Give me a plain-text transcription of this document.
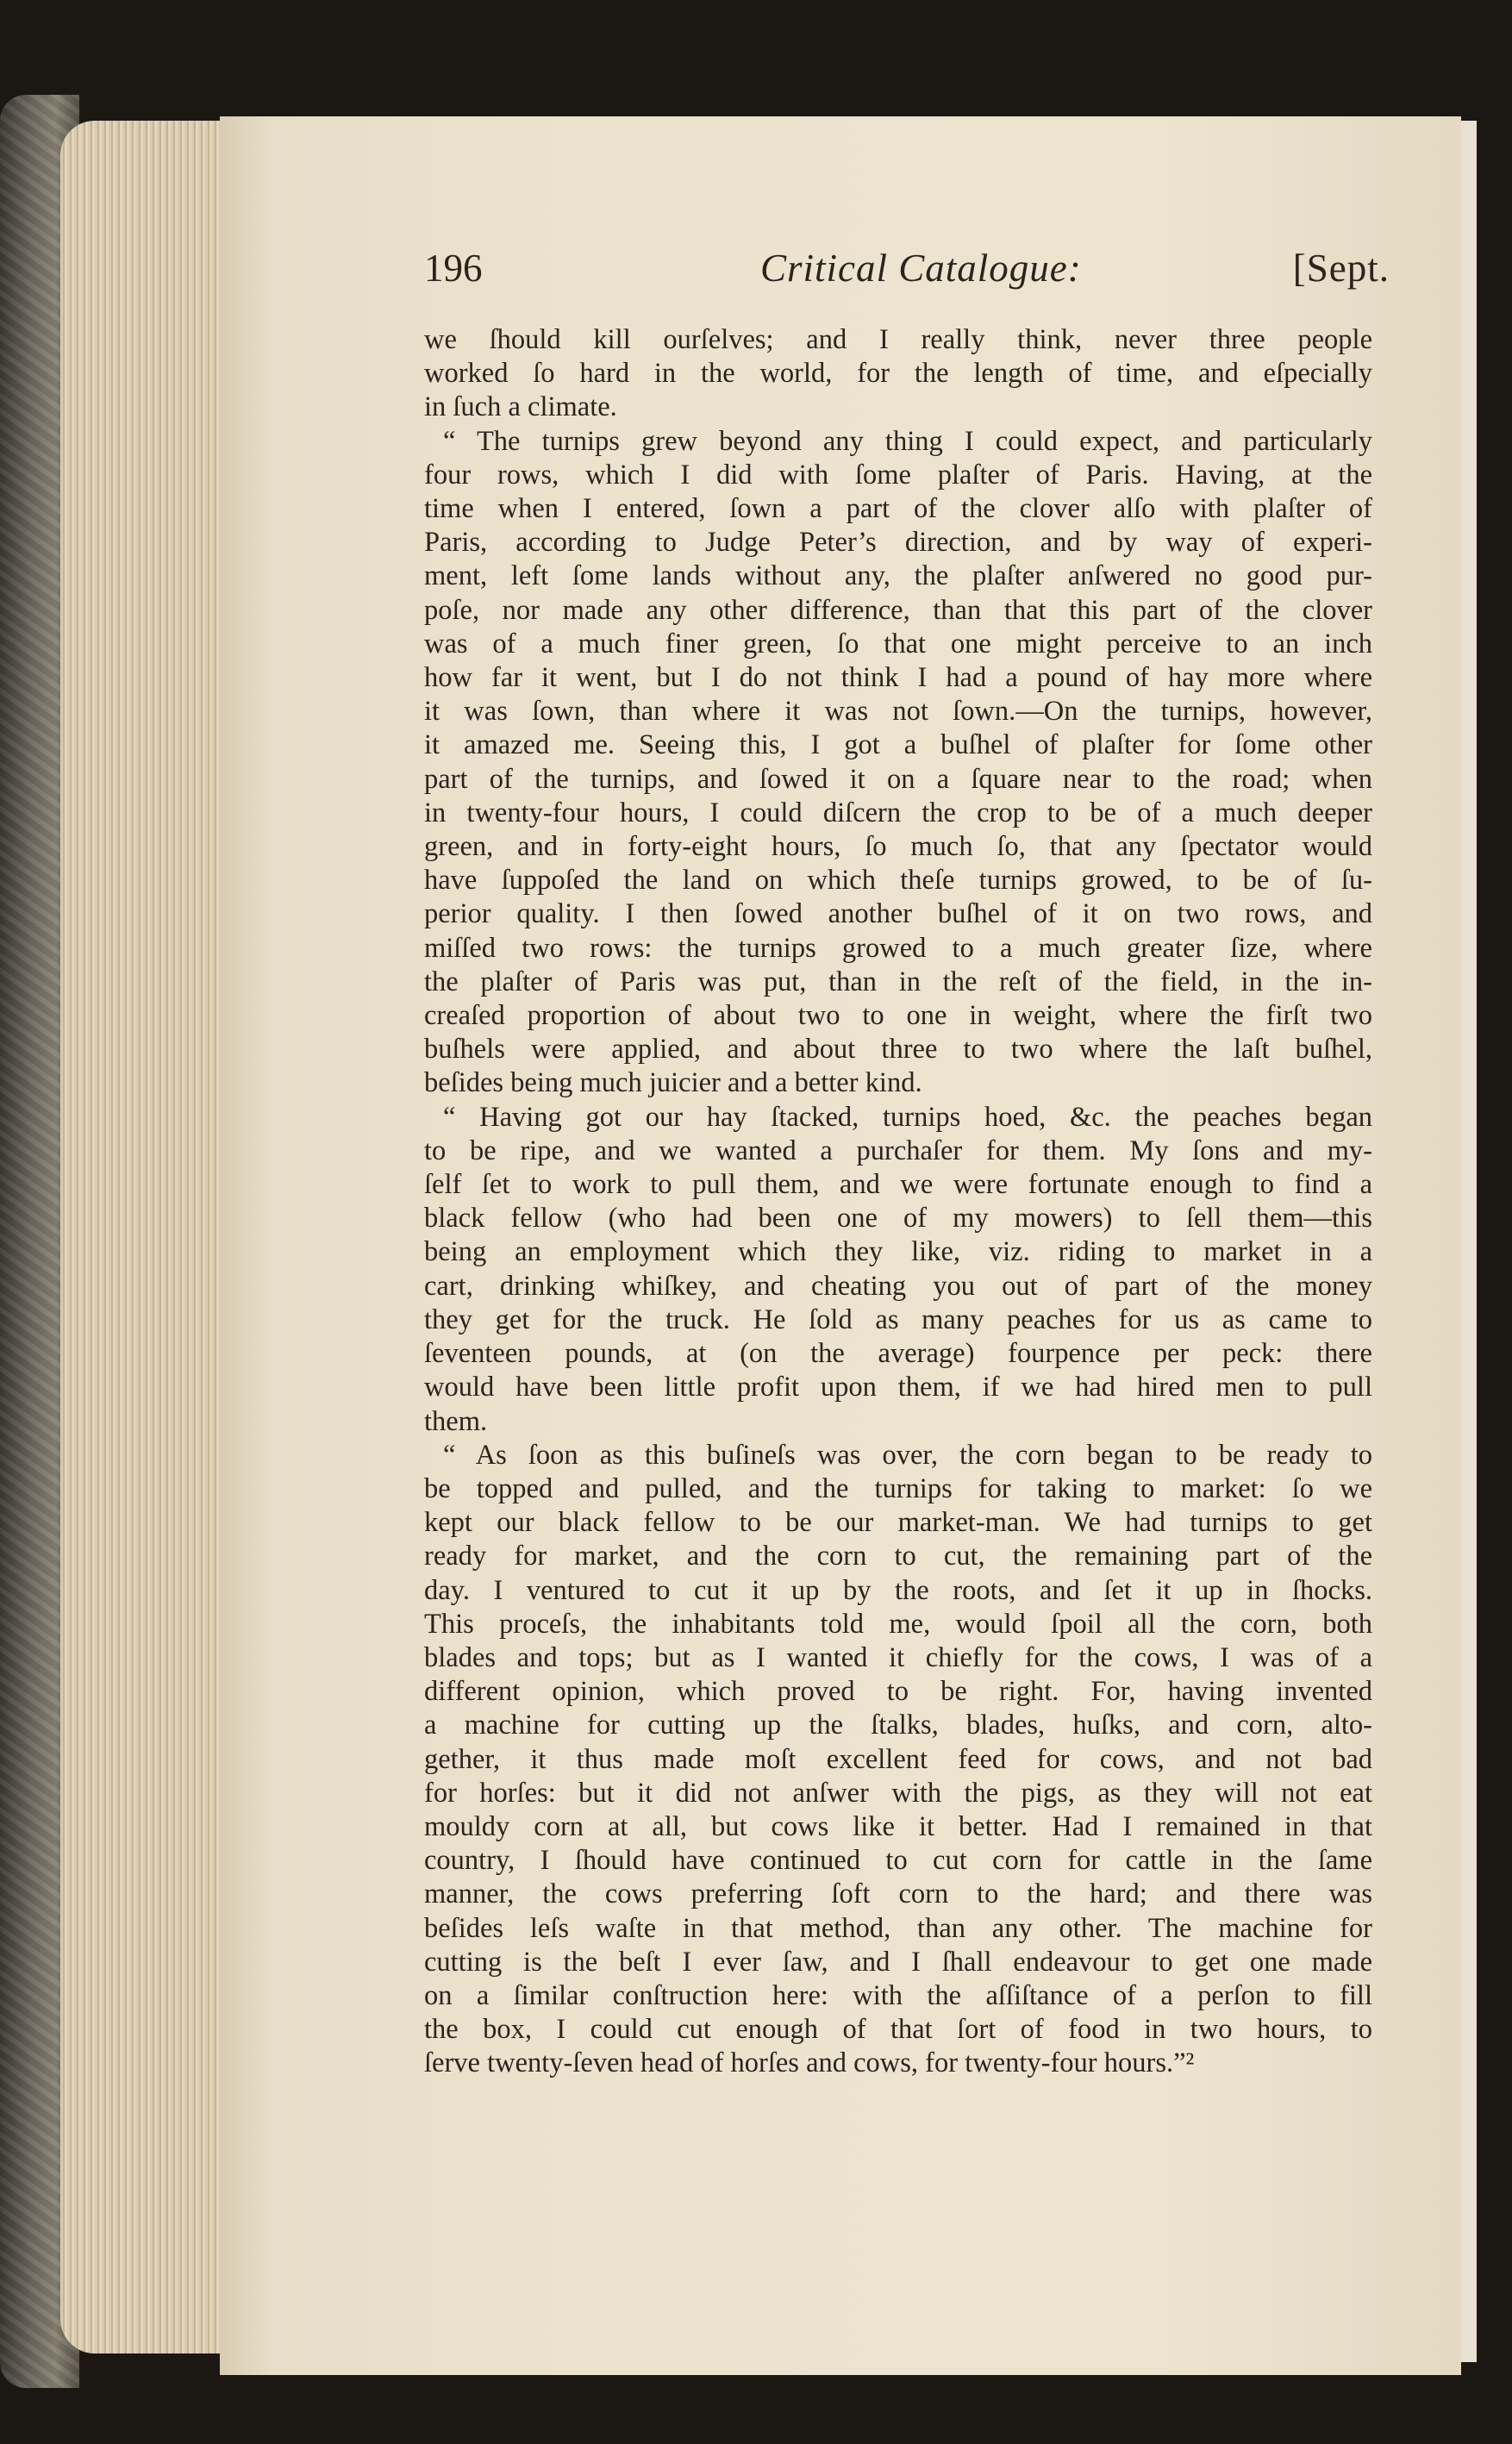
196	Critical Catalogue:	[Sept.
we ſhould kill ourſelves; and I really think, never three people
worked ſo hard in the world, for the length of time, and eſpecially
in ſuch a climate.
“ The turnips grew beyond any thing I could expect, and particularly
four rows, which I did with ſome plaſter of Paris. Having, at the
time when I entered, ſown a part of the clover alſo with plaſter of
Paris, according to Judge Peter’s direction, and by way of experi-
ment, left ſome lands without any, the plaſter anſwered no good pur-
poſe, nor made any other difference, than that this part of the clover
was of a much finer green, ſo that one might perceive to an inch
how far it went, but I do not think I had a pound of hay more where
it was ſown, than where it was not ſown.—On the turnips, however,
it amazed me. Seeing this, I got a buſhel of plaſter for ſome other
part of the turnips, and ſowed it on a ſquare near to the road; when
in twenty-four hours, I could diſcern the crop to be of a much deeper
green, and in forty-eight hours, ſo much ſo, that any ſpectator would
have ſuppoſed the land on which theſe turnips growed, to be of ſu-
perior quality. I then ſowed another buſhel of it on two rows, and
miſſed two rows: the turnips growed to a much greater ſize, where
the plaſter of Paris was put, than in the reſt of the field, in the in-
creaſed proportion of about two to one in weight, where the firſt two
buſhels were applied, and about three to two where the laſt buſhel,
beſides being much juicier and a better kind.
“ Having got our hay ſtacked, turnips hoed, &c. the peaches began
to be ripe, and we wanted a purchaſer for them. My ſons and my-
ſelf ſet to work to pull them, and we were fortunate enough to find a
black fellow (who had been one of my mowers) to ſell them—this
being an employment which they like, viz. riding to market in a
cart, drinking whiſkey, and cheating you out of part of the money
they get for the truck. He ſold as many peaches for us as came to
ſeventeen pounds, at (on the average) fourpence per peck: there
would have been little profit upon them, if we had hired men to pull
them.
“ As ſoon as this buſineſs was over, the corn began to be ready to
be topped and pulled, and the turnips for taking to market: ſo we
kept our black fellow to be our market-man. We had turnips to get
ready for market, and the corn to cut, the remaining part of the
day. I ventured to cut it up by the roots, and ſet it up in ſhocks.
This proceſs, the inhabitants told me, would ſpoil all the corn, both
blades and tops; but as I wanted it chiefly for the cows, I was of a
different opinion, which proved to be right. For, having invented
a machine for cutting up the ſtalks, blades, huſks, and corn, alto-
gether, it thus made moſt excellent feed for cows, and not bad
for horſes: but it did not anſwer with the pigs, as they will not eat
mouldy corn at all, but cows like it better. Had I remained in that
country, I ſhould have continued to cut corn for cattle in the ſame
manner, the cows preferring ſoft corn to the hard; and there was
beſides leſs waſte in that method, than any other. The machine for
cutting is the beſt I ever ſaw, and I ſhall endeavour to get one made
on a ſimilar conſtruction here: with the aſſiſtance of a perſon to fill
the box, I could cut enough of that ſort of food in two hours, to
ſerve twenty-ſeven head of horſes and cows, for twenty-four hours.”²
